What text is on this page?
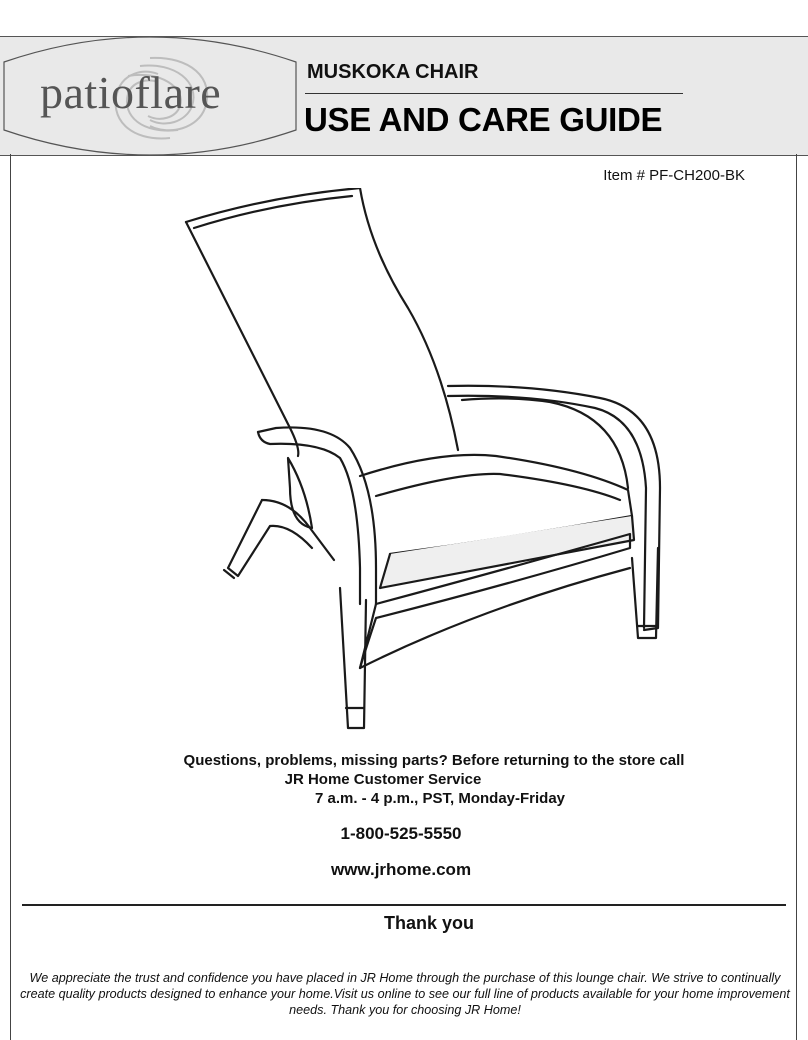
patioflare	MUSKOKA CHAIR
USE AND CARE GUIDE
Item # PF-CH200-BK
Questions, problems, missing parts? Before returning to the store call
JR Home Customer Service
7 a.m. - 4 p.m., PST, Monday-Friday
1-800-525-5550
www.jrhome.com
Thank you
We appreciate the trust and confidence you have placed in JR Home through the purchase of this lounge chair. We strive to continually create quality products designed to enhance your home.Visit us online to see our full line of products available for your home improvement needs. Thank you for choosing JR Home!
